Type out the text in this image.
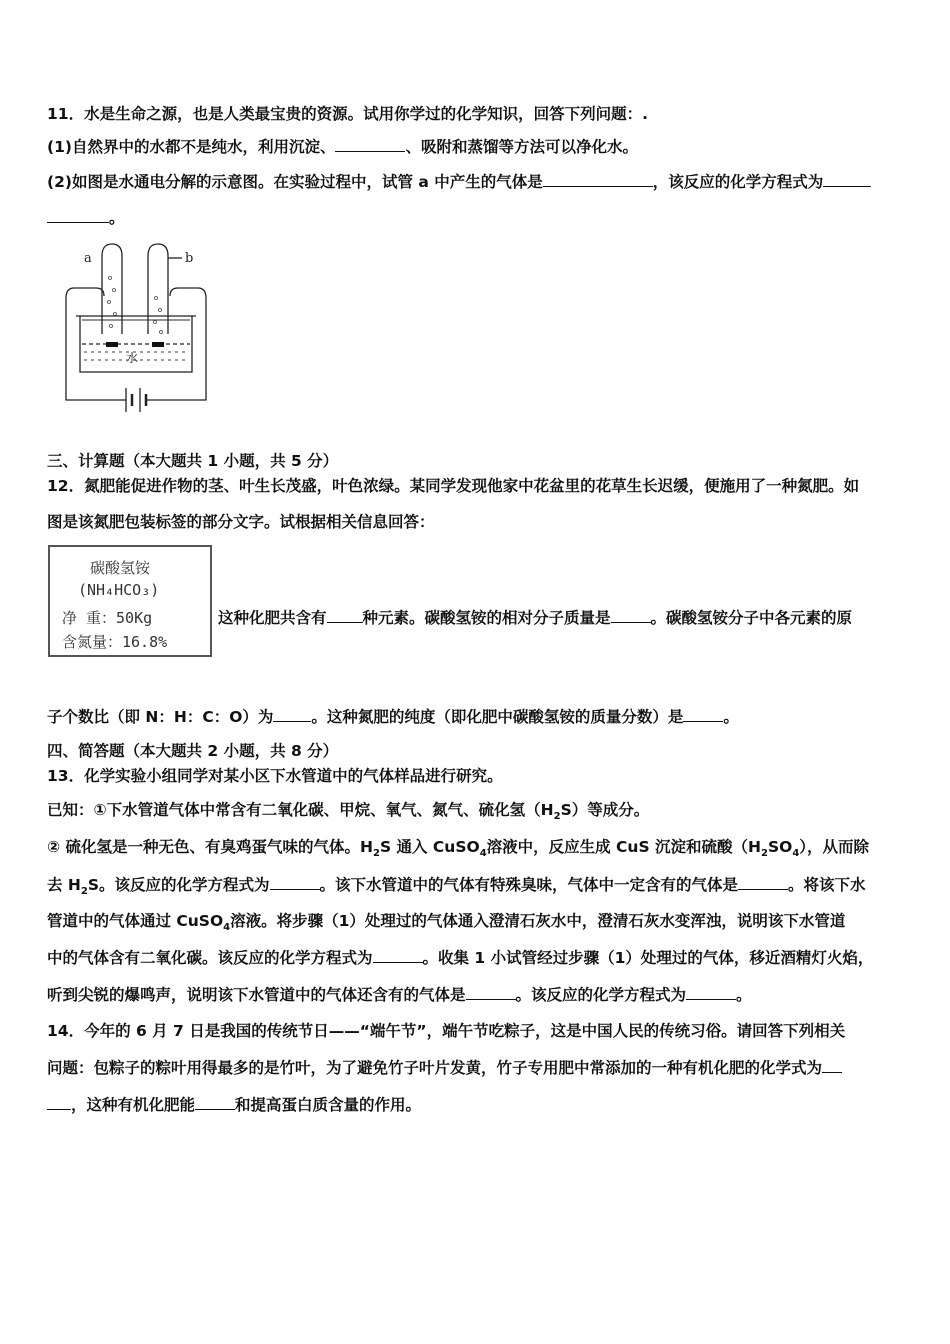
11．水是生命之源，也是人类最宝贵的资源。试用你学过的化学知识，回答下列问题：.
(1)自然界中的水都不是纯水，利用沉淀、	、吸附和蒸馏等方法可以净化水。
(2)如图是水通电分解的示意图。在实验过程中，试管 a 中产生的气体是	，该反应的化学方程式为
。
a	b
水
三、计算题（本大题共 1 小题，共 5 分）
12．氮肥能促进作物的茎、叶生长茂盛，叶色浓绿。某同学发现他家中花盆里的花草生长迟缓，便施用了一种氮肥。如
图是该氮肥包装标签的部分文字。试根据相关信息回答：
碳酸氢铵
(NH₄HCO₃)
净 重：50Kg
含氮量：16.8%
这种化肥共含有 种元素。碳酸氢铵的相对分子质量是	。碳酸氢铵分子中各元素的原
子个数比（即 N：H：C：O）为 。这种氮肥的纯度（即化肥中碳酸氢铵的质量分数）是	。
四、简答题（本大题共 2 小题，共 8 分）
13．化学实验小组同学对某小区下水管道中的气体样品进行研究。
已知：①下水管道气体中常含有二氧化碳、甲烷、氧气、氮气、硫化氢$(H_2S)$等成分。
② 硫化氢是一种无色、有臭鸡蛋气味的气体。$H_2S$ 通入 CuSO$_4$溶液中，反应生成 CuS 沉淀和硫酸$(H_2SO_4)$，从而除
去 $H_2S$。该反应的化学方程式为	。该下水管道中的气体有特殊臭味，气体中一定含有的气体是	。将该下水
管道中的气体通过 CuSO$_4$溶液。将步骤（1）处理过的气体通入澄清石灰水中，澄清石灰水变浑浊，说明该下水管道
中的气体含有二氧化碳。该反应的化学方程式为	。收集 1 小试管经过步骤（1）处理过的气体，移近酒精灯火焰，
听到尖锐的爆鸣声，说明该下水管道中的气体还含有的气体是	。该反应的化学方程式为	。
14．今年的 6 月 7 日是我国的传统节日——“端午节”，端午节吃粽子，这是中国人民的传统习俗。请回答下列相关
问题：包粽子的粽叶用得最多的是竹叶，为了避免竹子叶片发黄，竹子专用肥中常添加的一种有机化肥的化学式为
，这种有机化肥能	和提高蛋白质含量的作用。
